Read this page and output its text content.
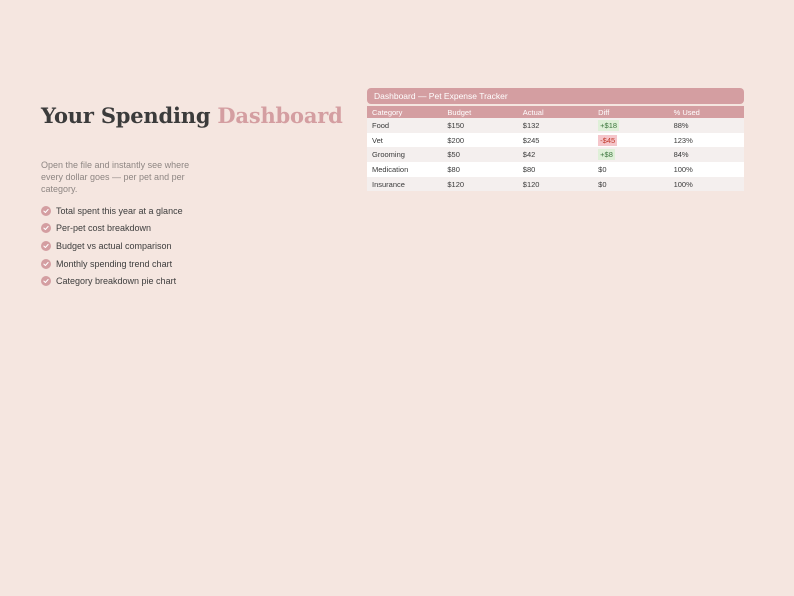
Your Spending Dashboard

Open the file and instantly see where every dollar goes — per pet and per category.

Total spent this year at a glance
Per-pet cost breakdown
Budget vs actual comparison
Monthly spending trend chart
Category breakdown pie chart
Dashboard — Pet Expense Tracker
Category	Budget	Actual	Diff	% Used
Food	$150	$132	+$18	88%
Vet	$200	$245	-$45	123%
Grooming	$50	$42	+$8	84%
Medication	$80	$80	$0	100%
Insurance	$120	$120	$0	100%
